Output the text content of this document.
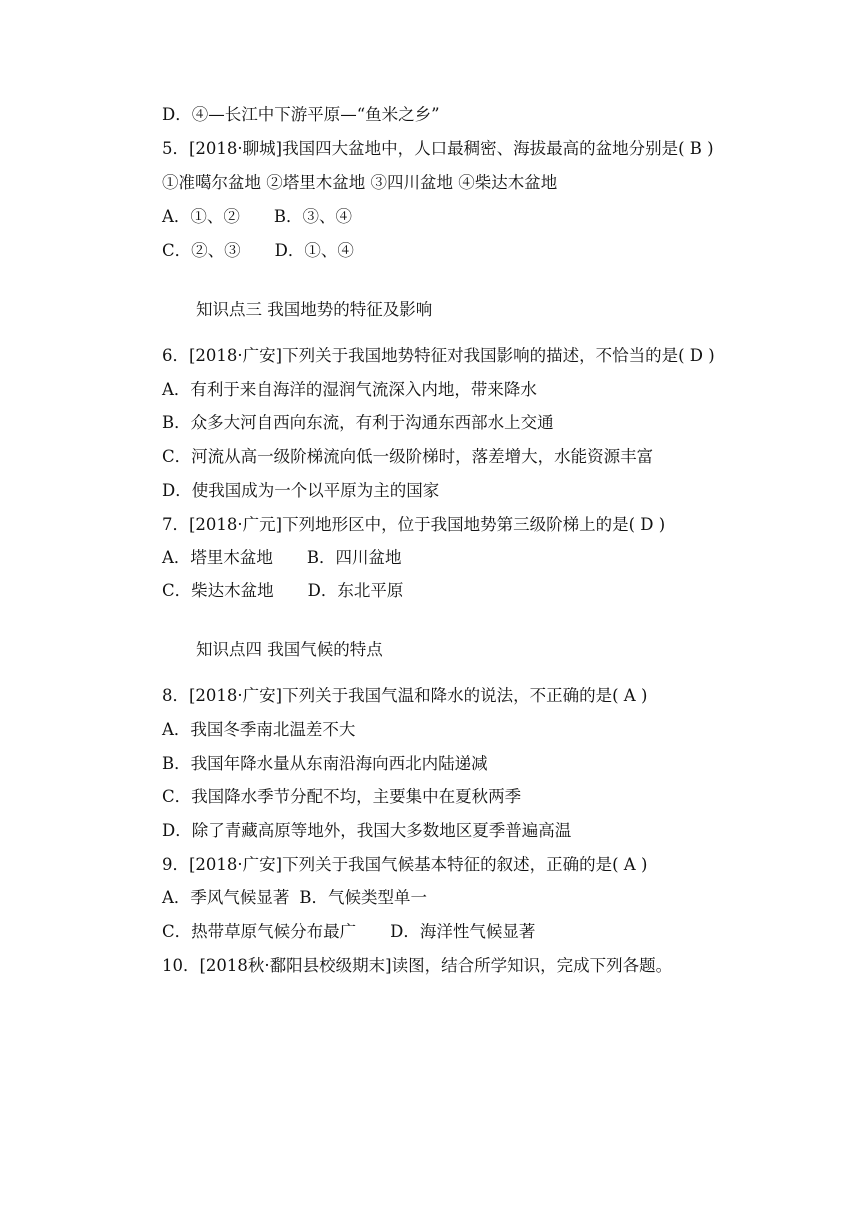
D．④—长江中下游平原—“鱼米之乡”
5．[2018·聊城]我国四大盆地中，人口最稠密、海拔最高的盆地分别是( B )
①准噶尔盆地 ②塔里木盆地 ③四川盆地 ④柴达木盆地
A．①、② B．③、④
C．②、③ D．①、④
知识点三 我国地势的特征及影响
6．[2018·广安]下列关于我国地势特征对我国影响的描述，不恰当的是( D )
A．有利于来自海洋的湿润气流深入内地，带来降水
B．众多大河自西向东流，有利于沟通东西部水上交通
C．河流从高一级阶梯流向低一级阶梯时，落差增大，水能资源丰富
D．使我国成为一个以平原为主的国家
7．[2018·广元]下列地形区中，位于我国地势第三级阶梯上的是( D )
A．塔里木盆地 B．四川盆地
C．柴达木盆地 D．东北平原
知识点四 我国气候的特点
8．[2018·广安]下列关于我国气温和降水的说法，不正确的是( A )
A．我国冬季南北温差不大
B．我国年降水量从东南沿海向西北内陆递减
C．我国降水季节分配不均，主要集中在夏秋两季
D．除了青藏高原等地外，我国大多数地区夏季普遍高温
9．[2018·广安]下列关于我国气候基本特征的叙述，正确的是( A )
A．季风气候显著 B．气候类型单一
C．热带草原气候分布最广 D．海洋性气候显著
10．[2018秋·鄱阳县校级期末]读图，结合所学知识，完成下列各题。
